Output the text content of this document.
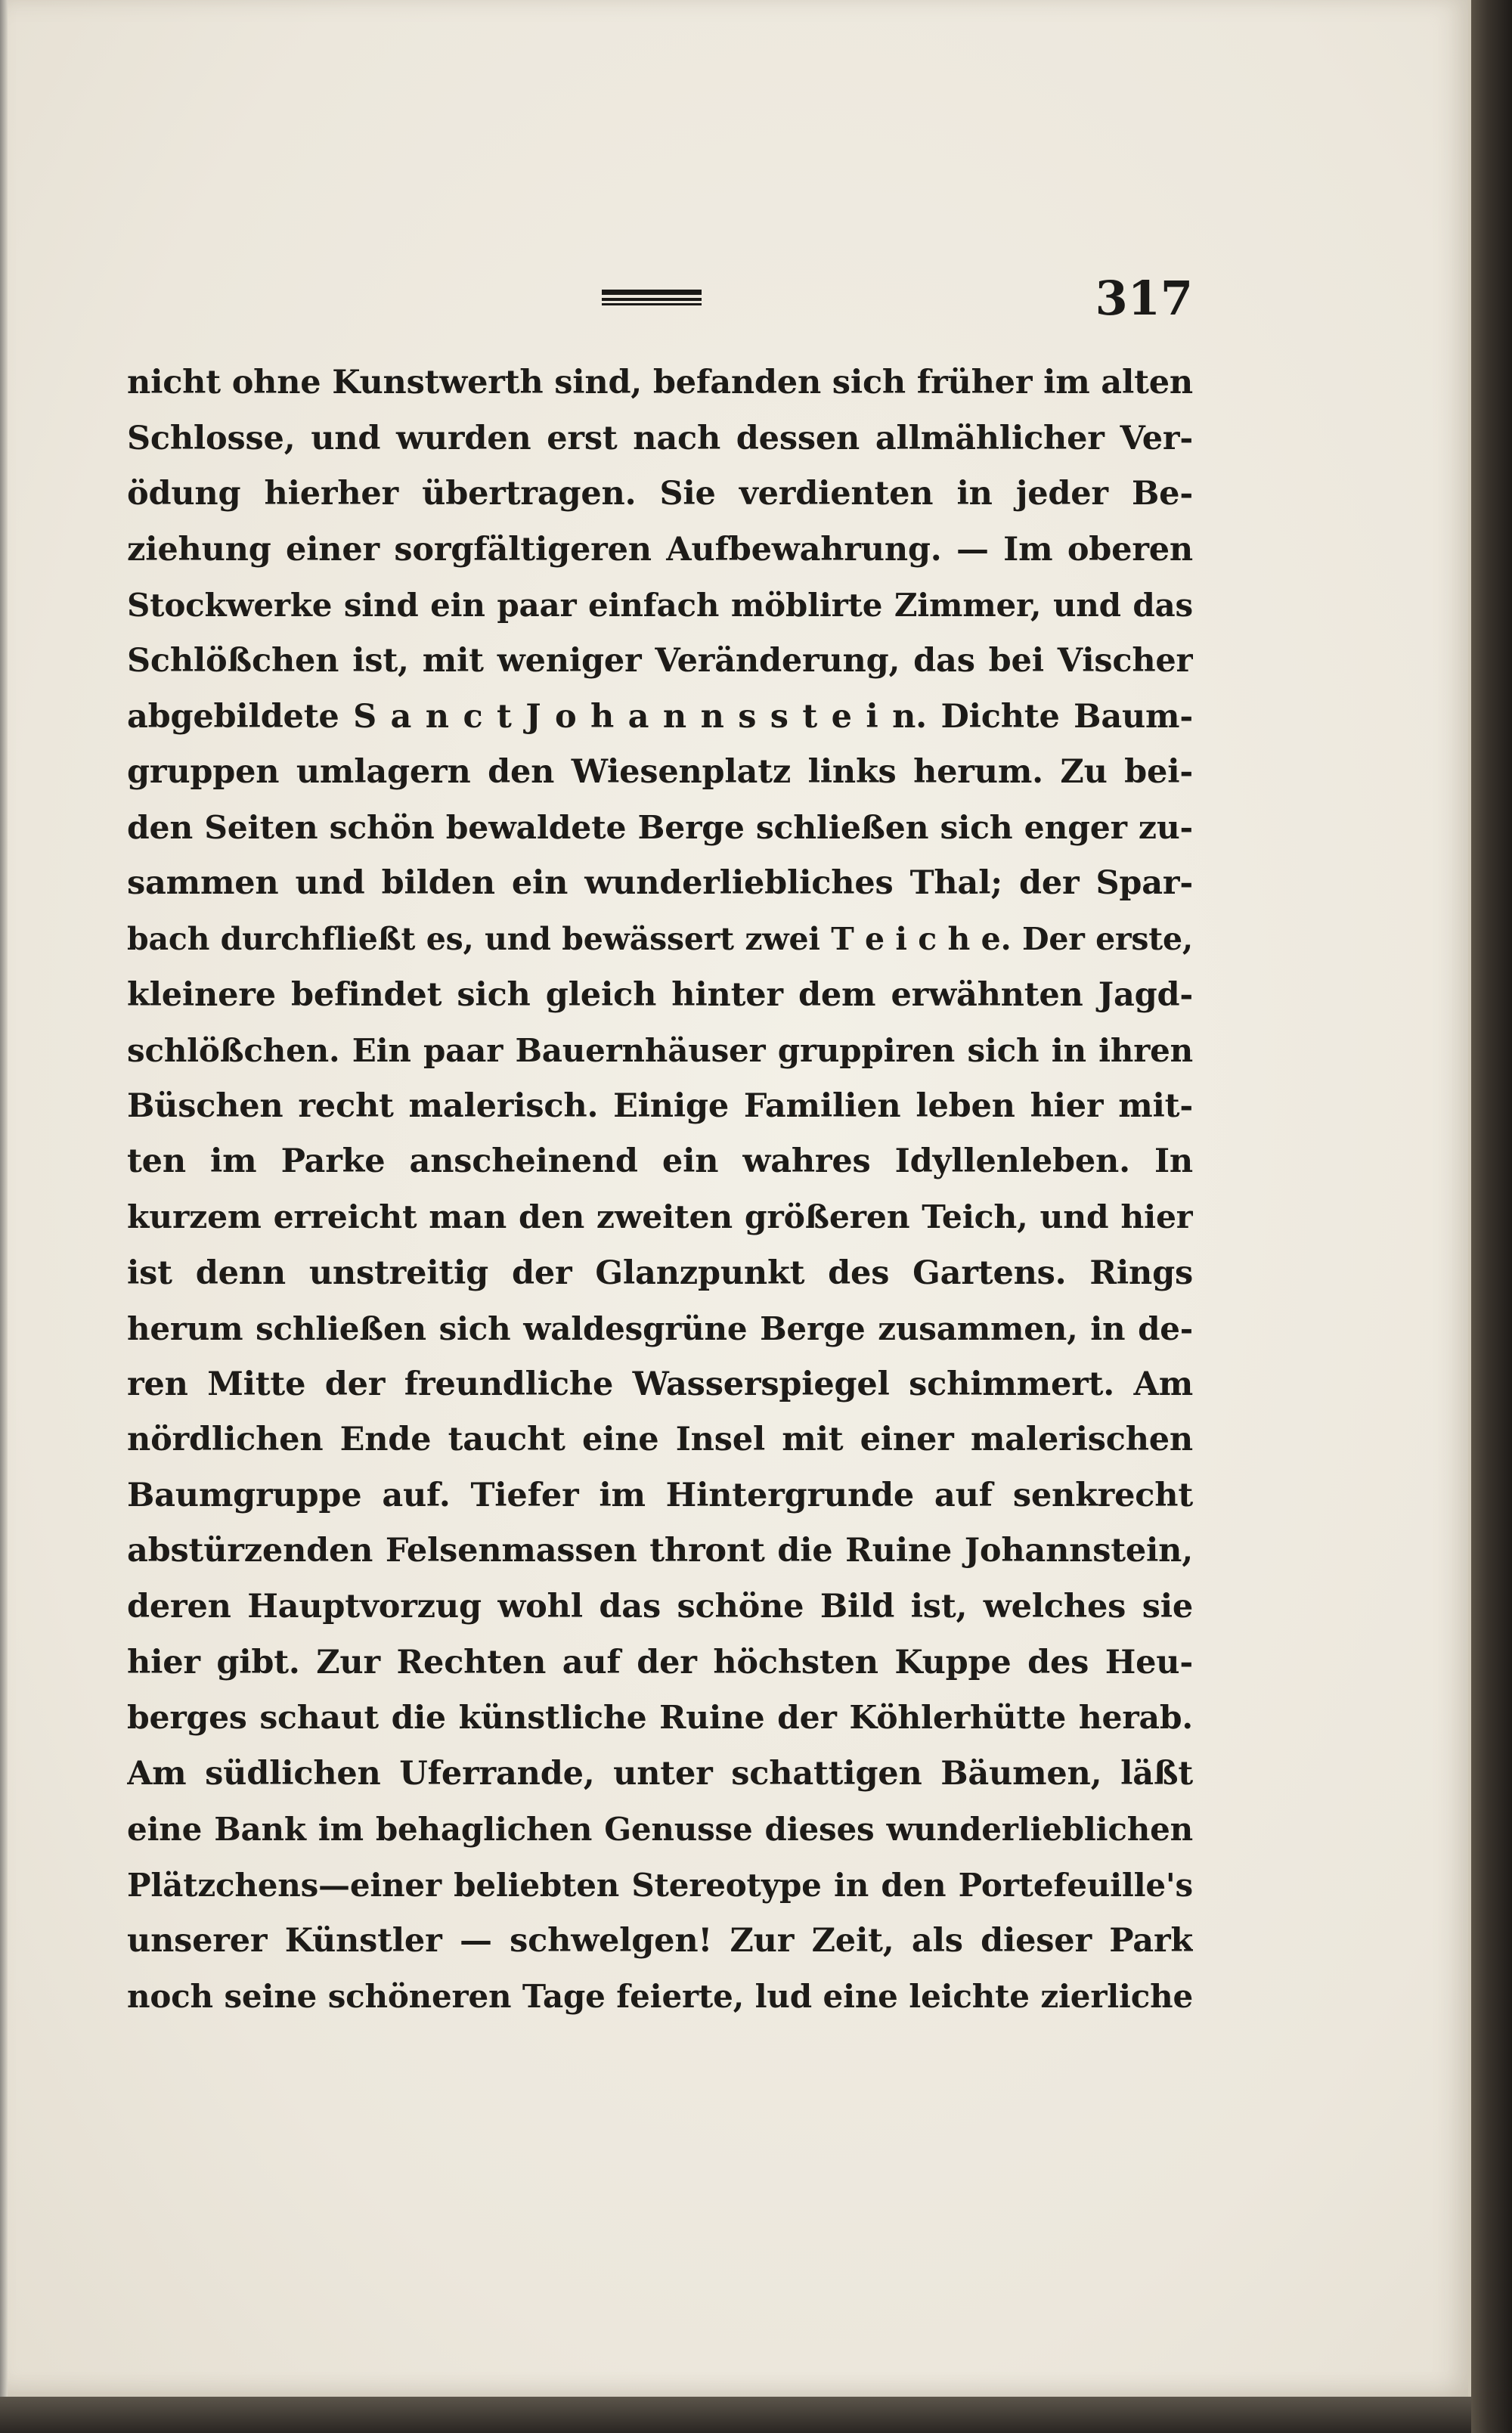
317
nicht ohne Kunstwerth sind, befanden sich früher im alten
Schlosse, und wurden erst nach dessen allmählicher Ver-
ödung hierher übertragen. Sie verdienten in jeder Be-
ziehung einer sorgfältigeren Aufbewahrung. — Im oberen
Stockwerke sind ein paar einfach möblirte Zimmer, und das
Schlößchen ist, mit weniger Veränderung, das bei Vischer
abgebildete S a n c t J o h a n n s s t e i n. Dichte Baum-
gruppen umlagern den Wiesenplatz links herum. Zu bei-
den Seiten schön bewaldete Berge schließen sich enger zu-
sammen und bilden ein wunderliebliches Thal; der Spar-
bach durchfließt es, und bewässert zwei T e i c h e. Der erste,
kleinere befindet sich gleich hinter dem erwähnten Jagd-
schlößchen. Ein paar Bauernhäuser gruppiren sich in ihren
Büschen recht malerisch. Einige Familien leben hier mit-
ten im Parke anscheinend ein wahres Idyllenleben. In
kurzem erreicht man den zweiten größeren Teich, und hier
ist denn unstreitig der Glanzpunkt des Gartens. Rings
herum schließen sich waldesgrüne Berge zusammen, in de-
ren Mitte der freundliche Wasserspiegel schimmert. Am
nördlichen Ende taucht eine Insel mit einer malerischen
Baumgruppe auf. Tiefer im Hintergrunde auf senkrecht
abstürzenden Felsenmassen thront die Ruine Johannstein,
deren Hauptvorzug wohl das schöne Bild ist, welches sie
hier gibt. Zur Rechten auf der höchsten Kuppe des Heu-
berges schaut die künstliche Ruine der Köhlerhütte herab.
Am südlichen Uferrande, unter schattigen Bäumen, läßt
eine Bank im behaglichen Genusse dieses wunderlieblichen
Plätzchens—einer beliebten Stereotype in den Portefeuille's
unserer Künstler — schwelgen! Zur Zeit, als dieser Park
noch seine schöneren Tage feierte, lud eine leichte zierliche
